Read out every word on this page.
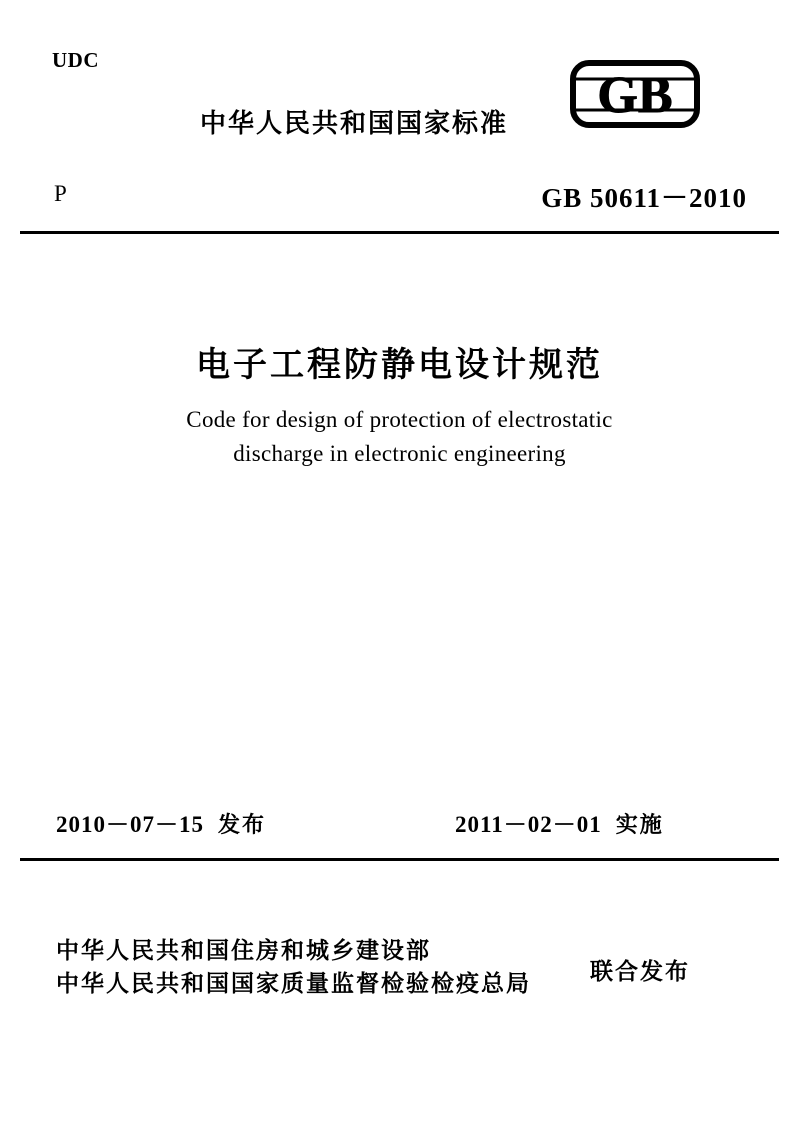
UDC
中华人民共和国国家标准 GB
P	GB 50611－2010
电子工程防静电设计规范
Code for design of protection of electrostatic
discharge in electronic engineering
2010－07－15 发布	2011－02－01 实施
中华人民共和国住房和城乡建设部
中华人民共和国国家质量监督检验检疫总局	联合发布
